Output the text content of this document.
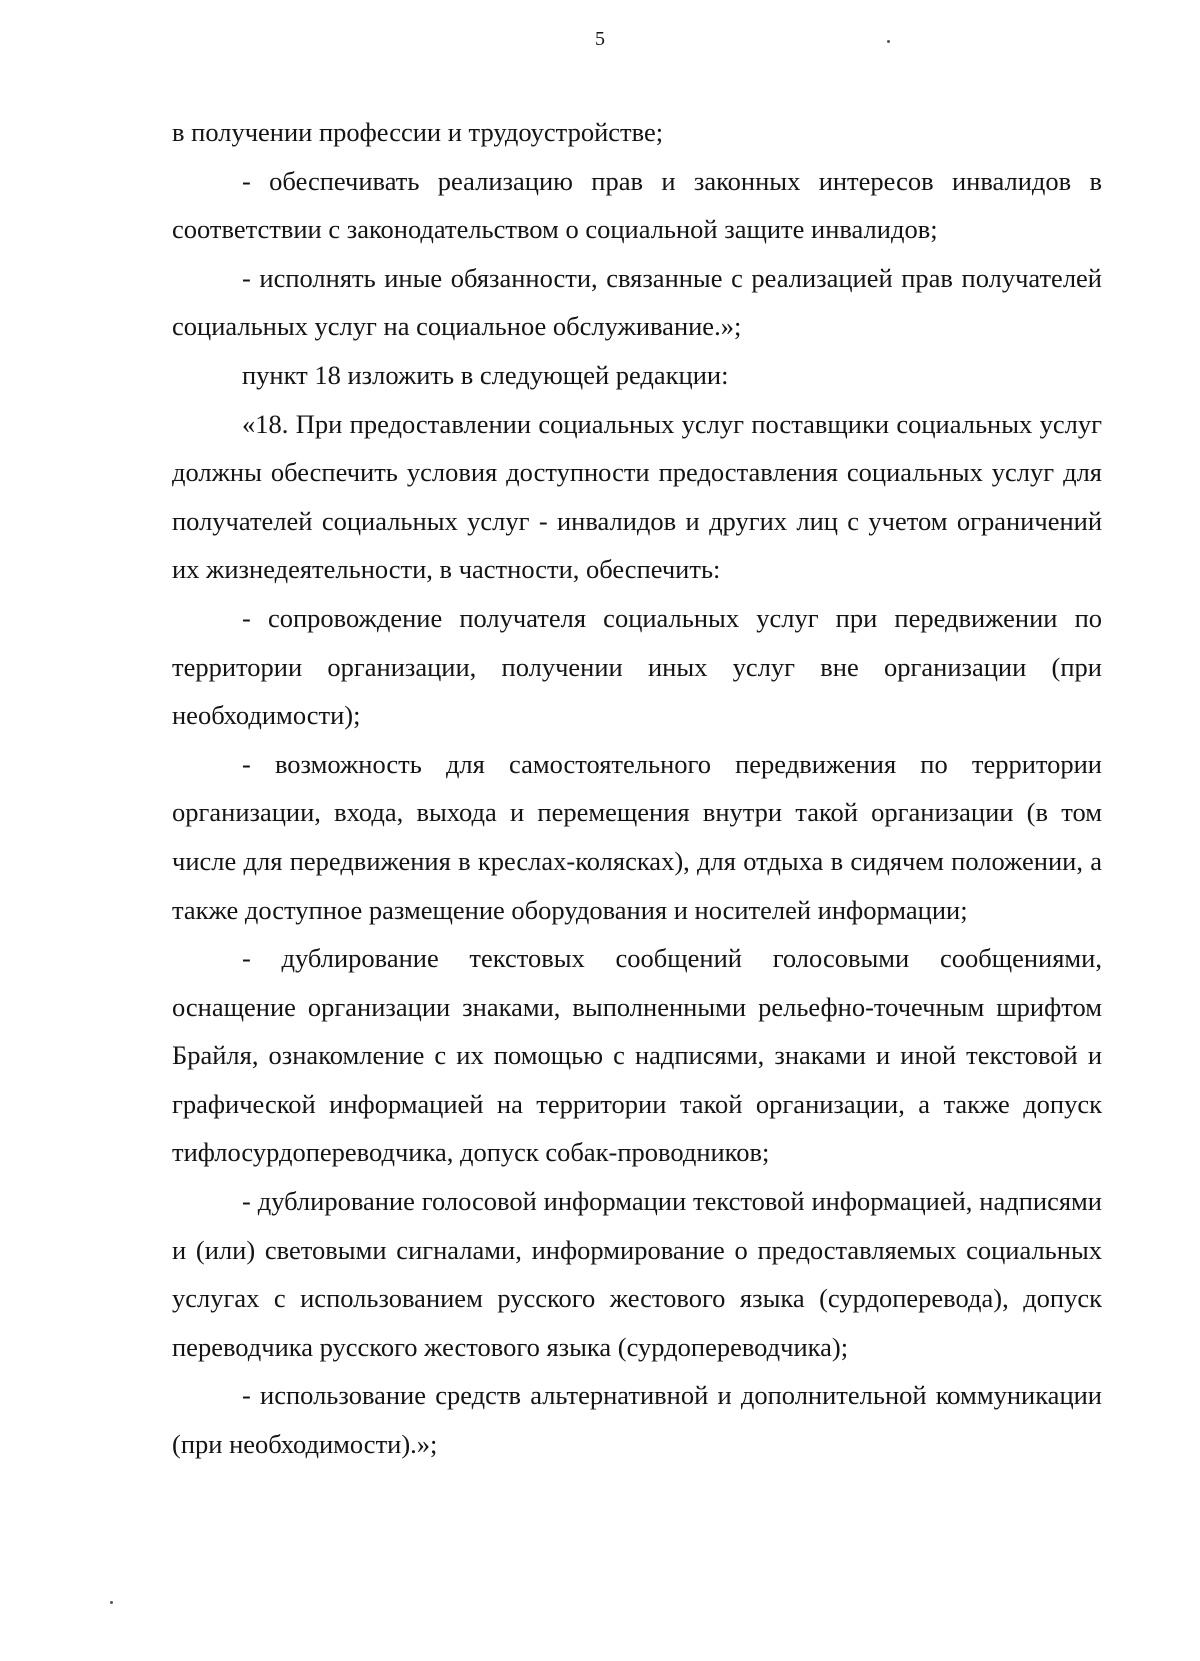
5

в получении профессии и трудоустройстве;

- обеспечивать реализацию прав и законных интересов инвалидов в соответствии с законодательством о социальной защите инвалидов;

- исполнять иные обязанности, связанные с реализацией прав получателей социальных услуг на социальное обслуживание.»;

пункт 18 изложить в следующей редакции:

«18. При предоставлении социальных услуг поставщики социальных услуг должны обеспечить условия доступности предоставления социальных услуг для получателей социальных услуг - инвалидов и других лиц с учетом ограничений их жизнедеятельности, в частности, обеспечить:

- сопровождение получателя социальных услуг при передвижении по территории организации, получении иных услуг вне организации (при необходимости);

- возможность для самостоятельного передвижения по территории организации, входа, выхода и перемещения внутри такой организации (в том числе для передвижения в креслах-колясках), для отдыха в сидячем положении, а также доступное размещение оборудования и носителей информации;

- дублирование текстовых сообщений голосовыми сообщениями, оснащение организации знаками, выполненными рельефно-точечным шрифтом Брайля, ознакомление с их помощью с надписями, знаками и иной текстовой и графической информацией на территории такой организации, а также допуск тифлосурдопереводчика, допуск собак-проводников;

- дублирование голосовой информации текстовой информацией, надписями и (или) световыми сигналами, информирование о предоставляемых социальных услугах с использованием русского жестового языка (сурдоперевода), допуск переводчика русского жестового языка (сурдопереводчика);

- использование средств альтернативной и дополнительной коммуникации (при необходимости).»;
